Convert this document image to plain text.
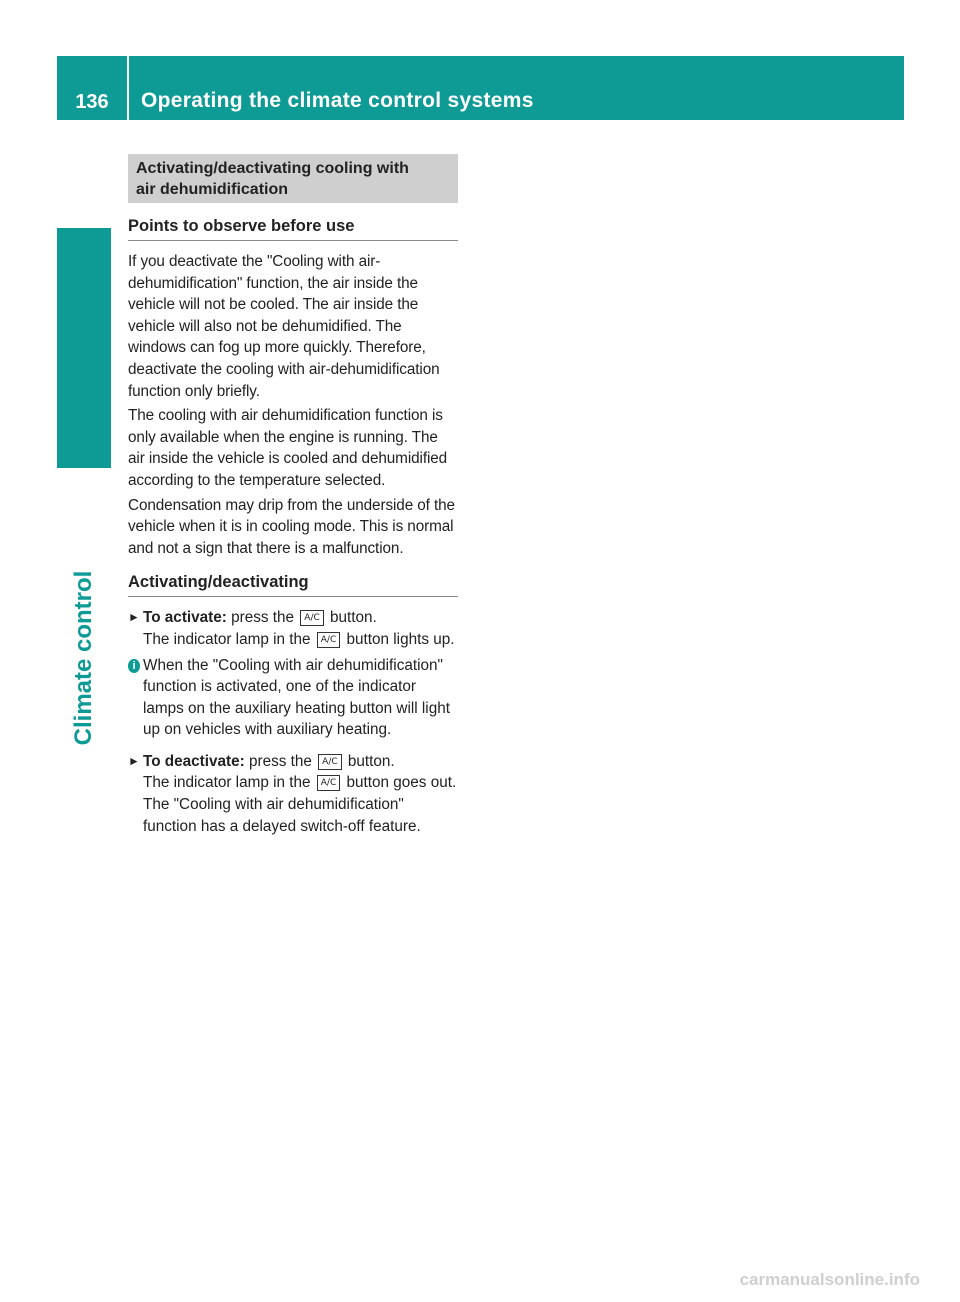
136	Operating the climate control systems
Climate control
Activating/deactivating cooling with
air dehumidification
Points to observe before use

If you deactivate the "Cooling with air-dehumidification" function, the air inside the vehicle will not be cooled. The air inside the vehicle will also not be dehumidified. The windows can fog up more quickly. Therefore, deactivate the cooling with air-dehumidification function only briefly.

The cooling with air dehumidification function is only available when the engine is running. The air inside the vehicle is cooled and dehumidified according to the temperature selected.

Condensation may drip from the underside of the vehicle when it is in cooling mode. This is normal and not a sign that there is a malfunction.

Activating/deactivating
► To activate: press the A/C button.
The indicator lamp in the A/C button lights up.
i When the "Cooling with air dehumidification" function is activated, one of the indicator lamps on the auxiliary heating button will light up on vehicles with auxiliary heating.
► To deactivate: press the A/C button.
The indicator lamp in the A/C button goes out. The "Cooling with air dehumidification" function has a delayed switch-off feature.
carmanualsonline.info
